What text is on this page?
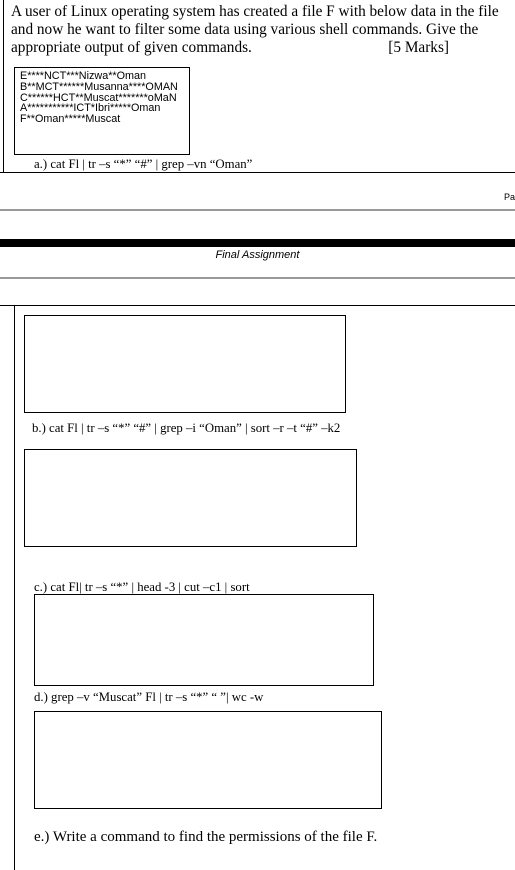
A user of Linux operating system has created a file F with below data in the file

and now he want to filter some data using various shell commands. Give the

appropriate output of given commands.	[5 Marks]
E****NCT***Nizwa**Oman
B**MCT******Musanna****OMAN
C******HCT**Muscat*******oMaN
A***********ICT*Ibri*****Oman
F**Oman*****Muscat
a.) cat Fl | tr –s “*” “#” | grep –vn “Oman”
Pa
Final Assignment
b.) cat Fl | tr –s “*” “#” | grep –i “Oman” | sort –r –t “#” –k2
c.) cat Fl| tr –s “*” | head -3 | cut –c1 | sort
d.) grep –v “Muscat” Fl | tr –s “*” “ ”| wc -w
e.) Write a command to find the permissions of the file F.
